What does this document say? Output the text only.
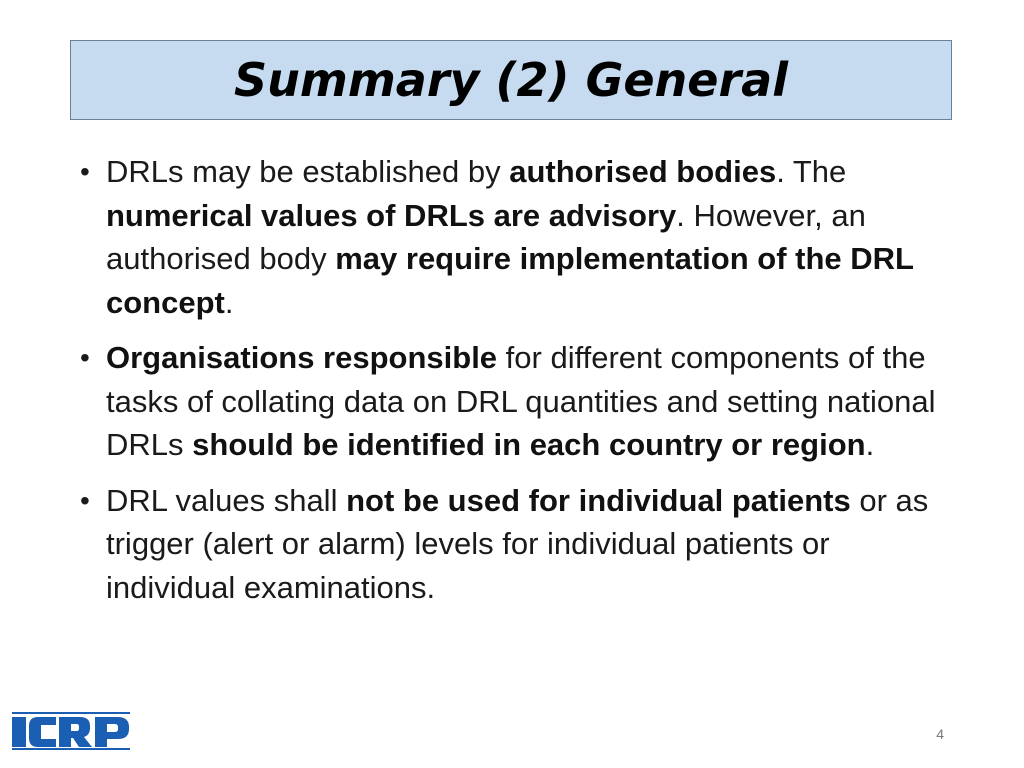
Summary (2) General
• DRLs may be established by authorised bodies. The numerical values of DRLs are advisory. However, an authorised body may require implementation of the DRL concept.
• Organisations responsible for different components of the tasks of collating data on DRL quantities and setting national DRLs should be identified in each country or region.
• DRL values shall not be used for individual patients or as trigger (alert or alarm) levels for individual patients or individual examinations.
4
